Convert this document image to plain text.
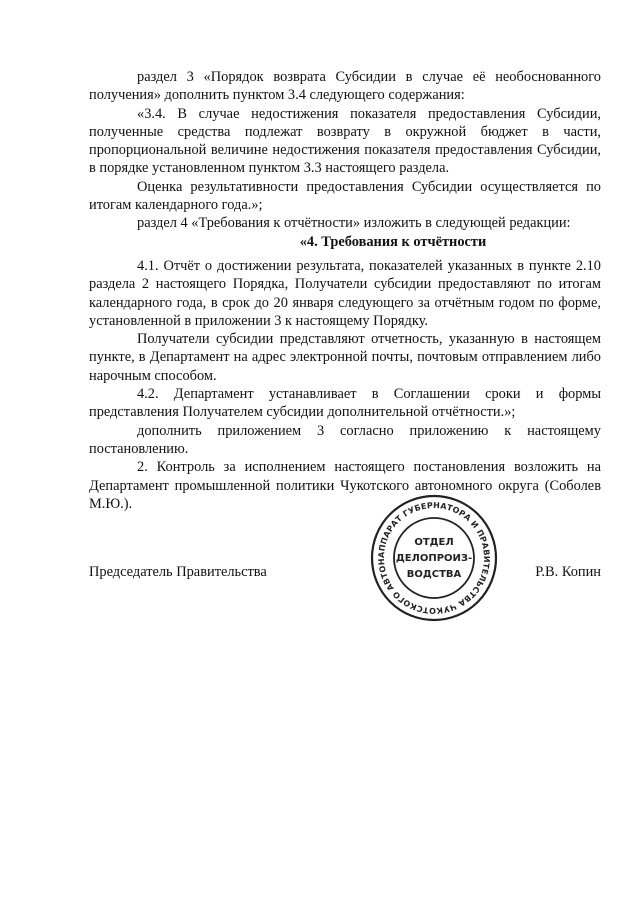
раздел 3 «Порядок возврата Субсидии в случае её необоснованного получения» дополнить пунктом 3.4 следующего содержания:

«3.4. В случае недостижения показателя предоставления Субсидии, полученные средства подлежат возврату в окружной бюджет в части, пропорциональной величине недостижения показателя предоставления Субсидии, в порядке установленном пунктом 3.3 настоящего раздела.

Оценка результативности предоставления Субсидии осуществляется по итогам календарного года.»;

раздел 4 «Требования к отчётности» изложить в следующей редакции:

«4. Требования к отчётности

4.1. Отчёт о достижении результата, показателей указанных в пункте 2.10 раздела 2 настоящего Порядка, Получатели субсидии предоставляют по итогам календарного года, в срок до 20 января следующего за отчётным годом по форме, установленной в приложении 3 к настоящему Порядку.

Получатели субсидии представляют отчетность, указанную в настоящем пункте, в Департамент на адрес электронной почты, почтовым отправлением либо нарочным способом.

4.2. Департамент устанавливает в Соглашении сроки и формы представления Получателем субсидии дополнительной отчётности.»;

дополнить приложением 3 согласно приложению к настоящему постановлению.

2. Контроль за исполнением настоящего постановления возложить на Департамент промышленной политики Чукотского автономного округа (Соболев М.Ю.).

Председатель Правительства	Р.В. Копин
АППАРАТ ГУБЕРНАТОРА И ПРАВИТЕЛЬСТВА ЧУКОТСКОГО АВТОН
ОТДЕЛ
ДЕЛОПРОИЗ-
ВОДСТВА
